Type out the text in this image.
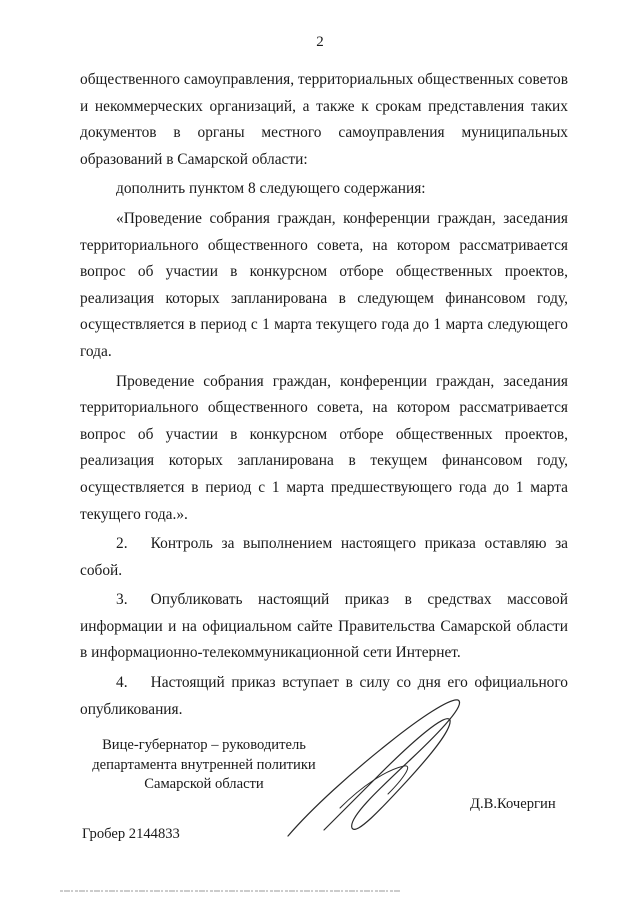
2

общественного самоуправления, территориальных общественных советов и некоммерческих организаций, а также к срокам представления таких документов в органы местного самоуправления муниципальных образований в Самарской области:

дополнить пунктом 8 следующего содержания:

«Проведение собрания граждан, конференции граждан, заседания территориального общественного совета, на котором рассматривается вопрос об участии в конкурсном отборе общественных проектов, реализация которых запланирована в следующем финансовом году, осуществляется в период с 1 марта текущего года до 1 марта следующего года.

Проведение собрания граждан, конференции граждан, заседания территориального общественного совета, на котором рассматривается вопрос об участии в конкурсном отборе общественных проектов, реализация которых запланирована в текущем финансовом году, осуществляется в период с 1 марта предшествующего года до 1 марта текущего года.».

2.  Контроль за выполнением настоящего приказа оставляю за собой.

3.  Опубликовать настоящий приказ в средствах массовой информации и на официальном сайте Правительства Самарской области в информационно-телекоммуникационной сети Интернет.

4.  Настоящий приказ вступает в силу со дня его официального опубликования.

Вице-губернатор – руководитель
департамента внутренней политики
Самарской области
Д.В.Кочергин
Гробер 2144833
